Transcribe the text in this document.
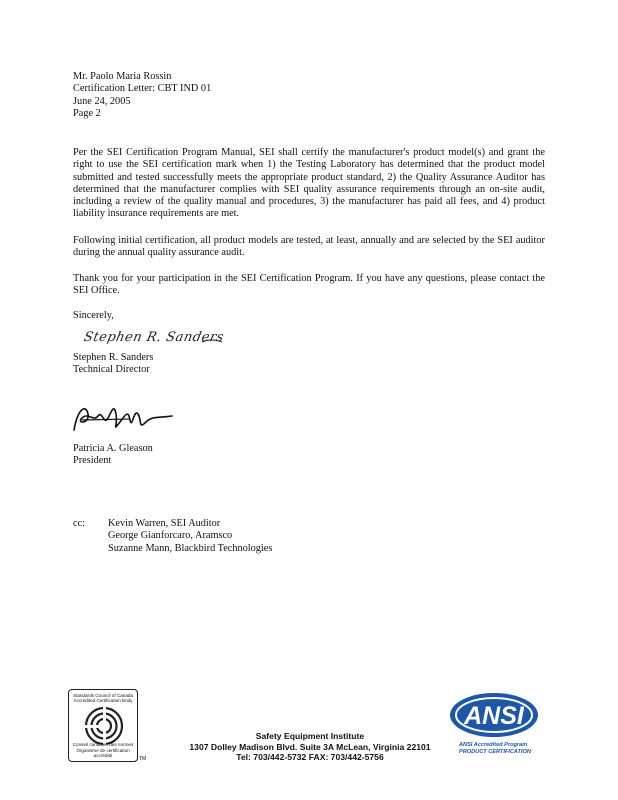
Mr. Paolo Maria Rossin
Certification Letter: CBT IND 01
June 24, 2005
Page 2
Per the SEI Certification Program Manual, SEI shall certify the manufacturer's product model(s) and grant the right to use the SEI certification mark when 1) the Testing Laboratory has determined that the product model submitted and tested successfully meets the appropriate product standard, 2) the Quality Assurance Auditor has determined that the manufacturer complies with SEI quality assurance requirements through an on-site audit, including a review of the quality manual and procedures, 3) the manufacturer has paid all fees, and 4) product liability insurance requirements are met.
Following initial certification, all product models are tested, at least, annually and are selected by the SEI auditor during the annual quality assurance audit.
Thank you for your participation in the SEI Certification Program. If you have any questions, please contact the SEI Office.
Sincerely,
Stephen R. Sanders
Stephen R. Sanders
Technical Director
Patricia A. Gleason
President
cc: Kevin Warren, SEI Auditor
George Gianforcaro, Aramsco
Suzanne Mann, Blackbird Technologies
Standards Council of Canada
Accredited Certification Body
Conseil canadien des normes
Organisme de certification accrédité
TM
Safety Equipment Institute
1307 Dolley Madison Blvd. Suite 3A McLean, Virginia 22101
Tel: 703/442-5732 FAX: 703/442-5756
ANSI
ANSI Accredited Program
PRODUCT CERTIFICATION
